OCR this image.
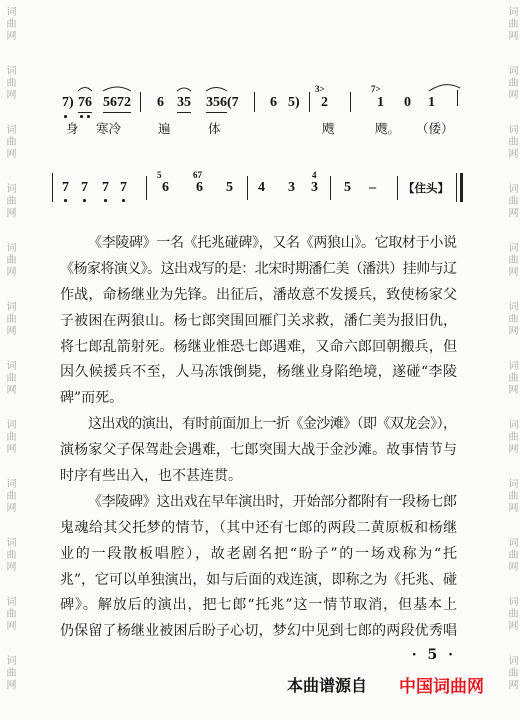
词曲网
词曲网
词曲网
词曲网
词曲网
词曲网
词曲网
词曲网
词曲网
词曲网
词曲网
词曲网
词曲网
词曲网
词曲网
词曲网
词曲网
词曲网
词曲网
词曲网
词曲网
词曲网
词曲网
词曲网
7) 76 5672 6 35 356(7 6 5)
3>
2
7>
1 0 1
身 寒冷	遍	体	飕	飕。 （倭）
7 7 7 7
5
6
67
6 5 4 3
4
3 5 – 【住头】
《李陵碑》一名《托兆碰碑》，又名《两狼山》。它取材于小说
《杨家将演义》。这出戏写的是：北宋时期潘仁美（潘洪）挂帅与辽
作战，命杨继业为先锋。出征后，潘故意不发援兵，致使杨家父
子被困在两狼山。杨七郎突围回雁门关求救，潘仁美为报旧仇，
将七郎乱箭射死。杨继业惟恐七郎遇难，又命六郎回朝搬兵，但
因久候援兵不至，人马冻饿倒毙，杨继业身陷绝境，遂碰“李陵
碑”而死。
这出戏的演出，有时前面加上一折《金沙滩》（即《双龙会》），
演杨家父子保驾赴会遇难，七郎突围大战于金沙滩。故事情节与
时序有些出入，也不甚连贯。
《李陵碑》这出戏在早年演出时，开始部分都附有一段杨七郎
鬼魂给其父托梦的情节，（其中还有七郎的两段二黄原板和杨继
业的一段散板唱腔），故老剧名把“盼子”的一场戏称为“托
兆”，它可以单独演出，如与后面的戏连演，即称之为《托兆、碰
碑》。解放后的演出，把七郎“托兆”这一情节取消，但基本上
仍保留了杨继业被困后盼子心切，梦幻中见到七郎的两段优秀唱
· 5 ·
本曲谱源自 中国词曲网
